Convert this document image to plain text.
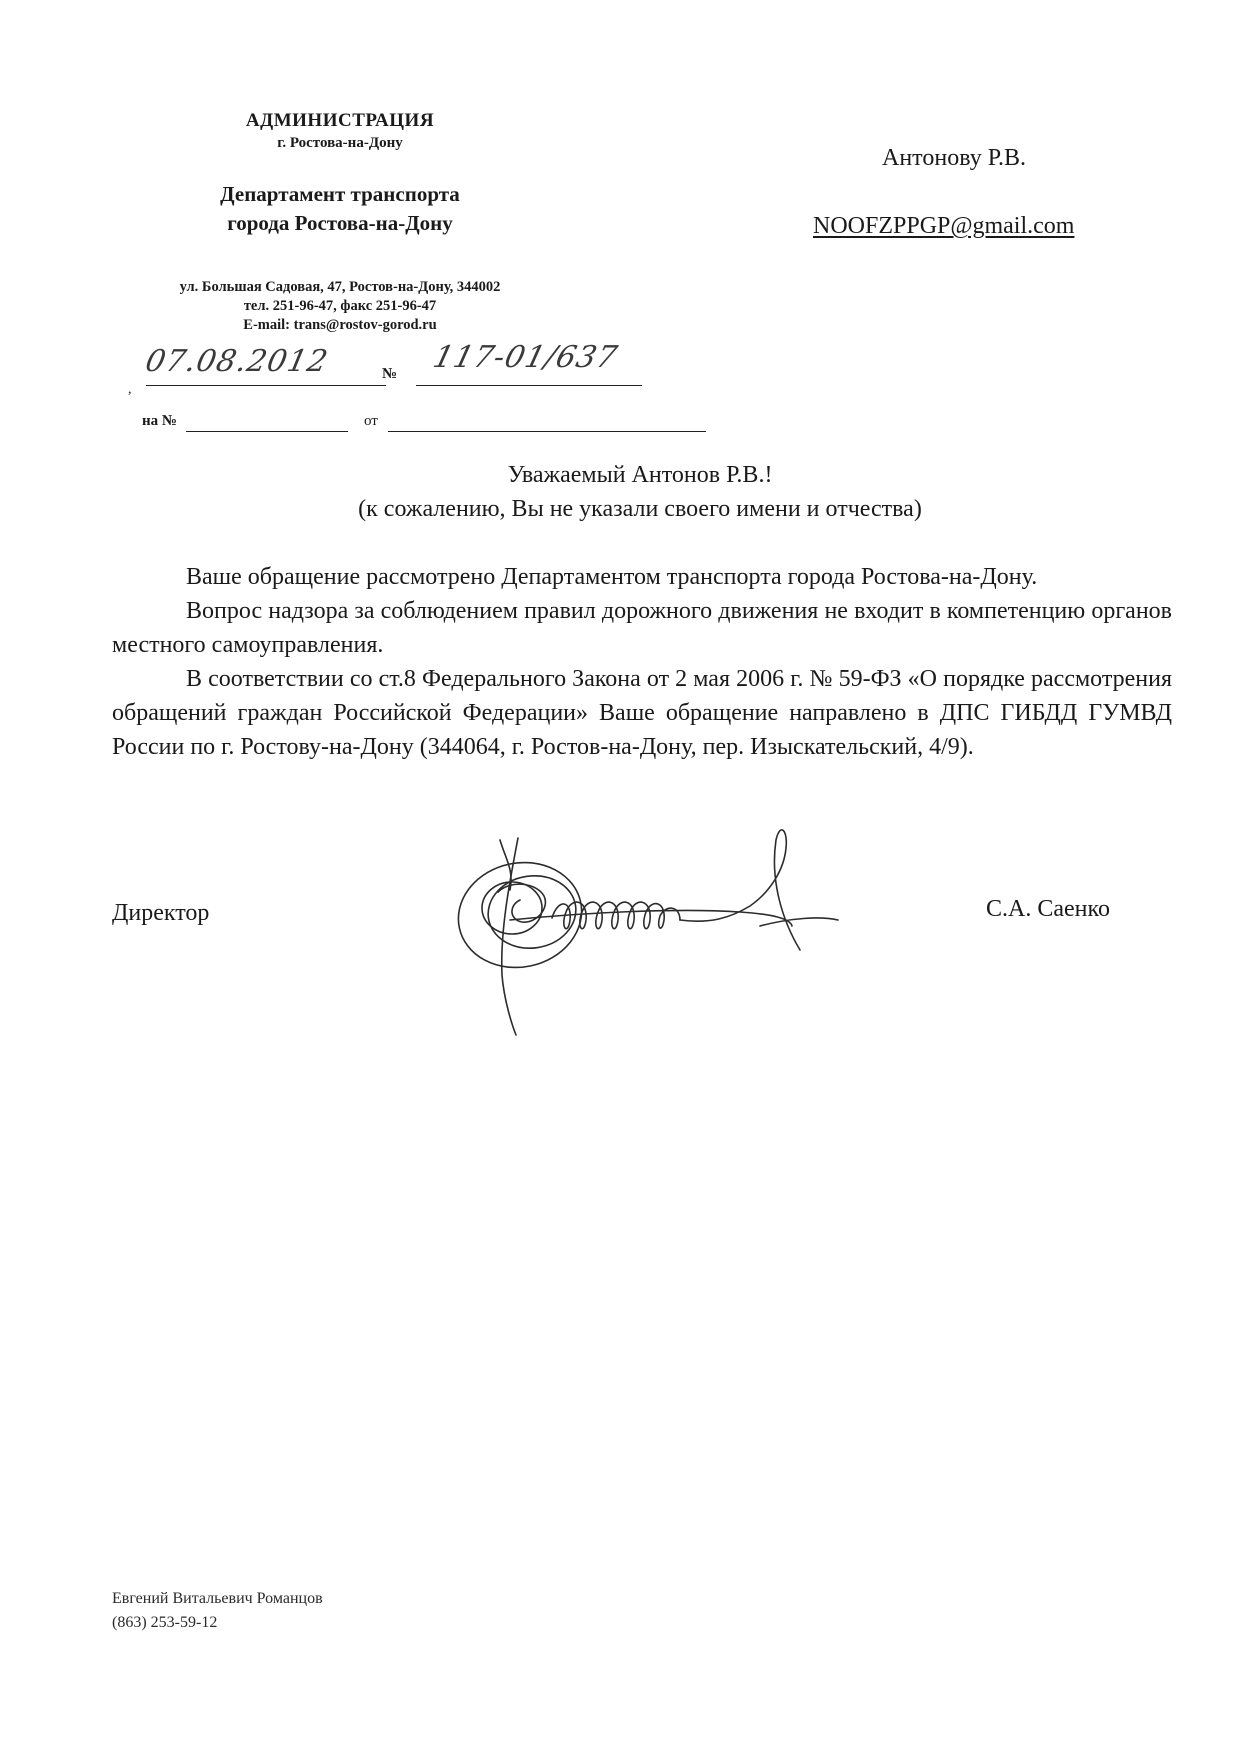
АДМИНИСТРАЦИЯ
г. Ростова-на-Дону
Департамент транспорта
города Ростова-на-Дону
ул. Большая Садовая, 47, Ростов-на-Дону, 344002
тел. 251-96-47, факс 251-96-47
E-mail: trans@rostov-gorod.ru
,
07.08.2012	№ 117-01/637
на №	от
Антонову Р.В.
NOOFZPPGP@gmail.com
Уважаемый Антонов Р.В.!
(к сожалению, Вы не указали своего имени и отчества)

Ваше обращение рассмотрено Департаментом транспорта города Ростова-на-Дону.

Вопрос надзора за соблюдением правил дорожного движения не входит в компетенцию органов местного самоуправления.

В соответствии со ст.8 Федерального Закона от 2 мая 2006 г. № 59-ФЗ «О порядке рассмотрения обращений граждан Российской Федерации» Ваше обращение направлено в ДПС ГИБДД ГУМВД России по г. Ростову-на-Дону (344064, г. Ростов-на-Дону, пер. Изыскательский, 4/9).

Директор	С.А. Саенко
Евгений Витальевич Романцов
(863) 253-59-12
